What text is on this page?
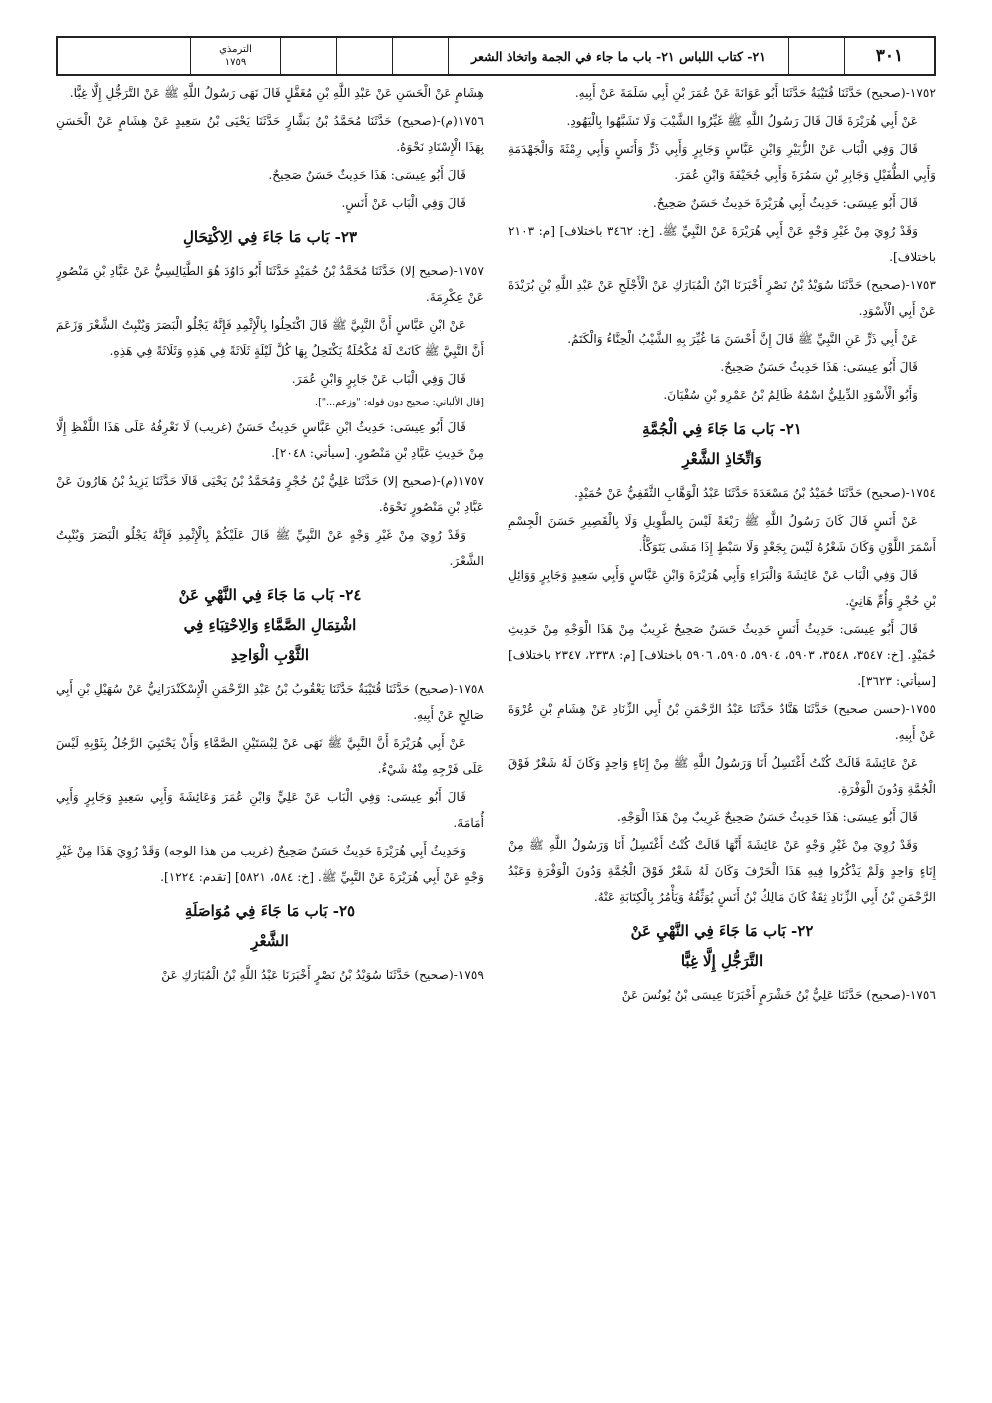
٣٠١
٢١- كتاب اللباس ٢١- باب ما جاء في الجمة واتخاذ الشعر
الترمذي
١٧٥٩

١٧٥٢-(صحيح) حَدَّثَنَا قُتَيْبَةُ حَدَّثَنَا أَبُو عَوَانَةَ عَنْ عُمَرَ بْنِ أَبِي سَلَمَةَ عَنْ أَبِيهِ.

عَنْ أَبِي هُرَيْرَةَ قَالَ قَالَ رَسُولُ اللَّهِ ﷺ غَيِّرُوا الشَّيْبَ وَلَا تَشَبَّهُوا بِالْيَهُودِ.

قَالَ وَفِي الْبَاب عَنْ الزُّبَيْرِ وَابْنِ عَبَّاسٍ وَجَابِرٍ وَأَبِي ذَرٍّ وَأَنَسٍ وَأَبِي رِمْثَةَ وَالْجَهْدَمَةِ وَأَبِي الطُّفَيْلِ وَجَابِرِ بْنِ سَمُرَةَ وَأَبِي جُحَيْفَةَ وَابْنِ عُمَرَ.

قَالَ أَبُو عِيسَى: حَدِيثُ أَبِي هُرَيْرَةَ حَدِيثٌ حَسَنٌ صَحِيحٌ.

وَقَدْ رُوِيَ مِنْ غَيْرِ وَجْهٍ عَنْ أَبِي هُرَيْرَةَ عَنْ النَّبِيِّ ﷺ. [خ: ٣٤٦٢ باختلاف] [م: ٢١٠٣ باختلاف].

١٧٥٣-(صحيح) حَدَّثَنَا سُوَيْدُ بْنُ نَصْرٍ أَخْبَرَنَا ابْنُ الْمُبَارَكِ عَنْ الْأَجْلَحِ عَنْ عَبْدِ اللَّهِ بْنِ بُرَيْدَةَ عَنْ أَبِي الْأَسْوَدِ.

عَنْ أَبِي ذَرٍّ عَنِ النَّبِيِّ ﷺ قَالَ إِنَّ أَحْسَنَ مَا غُيِّرَ بِهِ الشَّيْبُ الْحِنَّاءُ وَالْكَتَمُ.

قَالَ أَبُو عِيسَى: هَذَا حَدِيثٌ حَسَنٌ صَحِيحٌ.

وَأَبُو الْأَسْوَدِ الدِّيلِيُّ اسْمُهُ ظَالِمُ بْنُ عَمْرِو بْنِ سُفْيَانَ.

٢١- بَاب مَا جَاءَ فِي الْجُمَّةِ
وَاتِّخَاذِ الشَّعْرِ

١٧٥٤-(صحيح) حَدَّثَنَا حُمَيْدُ بْنُ مَسْعَدَةَ حَدَّثَنَا عَبْدُ الْوَهَّابِ الثَّقَفِيُّ عَنْ حُمَيْدٍ.

عَنْ أَنَسٍ قَالَ كَانَ رَسُولُ اللَّهِ ﷺ رَبْعَةً لَيْسَ بِالطَّوِيلِ وَلَا بِالْقَصِيرِ حَسَنَ الْجِسْمِ أَسْمَرَ اللَّوْنِ وَكَانَ شَعْرُهُ لَيْسَ بِجَعْدٍ وَلَا سَبْطٍ إِذَا مَشَى يَتَوَكَّأُ.

قَالَ وَفِي الْبَاب عَنْ عَائِشَةَ وَالْبَرَاءِ وَأَبِي هُرَيْرَةَ وَابْنِ عَبَّاسٍ وَأَبِي سَعِيدٍ وَجَابِرٍ وَوَائِلِ بْنِ حُجْرٍ وَأُمِّ هَانِئٍ.

قَالَ أَبُو عِيسَى: حَدِيثُ أَنَسٍ حَدِيثٌ حَسَنٌ صَحِيحٌ غَرِيبٌ مِنْ هَذَا الْوَجْهِ مِنْ حَدِيثِ حُمَيْدٍ. [خ: ٣٥٤٧، ٣٥٤٨، ٥٩٠٣، ٥٩٠٤، ٥٩٠٥، ٥٩٠٦ باختلاف] [م: ٢٣٣٨، ٢٣٤٧ باختلاف] [سيأتي: ٣٦٢٣].

١٧٥٥-(حسن صحيح) حَدَّثَنَا هَنَّادٌ حَدَّثَنَا عَبْدُ الرَّحْمَنِ بْنُ أَبِي الزِّنَادِ عَنْ هِشَامِ بْنِ عُرْوَةَ عَنْ أَبِيهِ.

عَنْ عَائِشَةَ قَالَتْ كُنْتُ أَغْتَسِلُ أَنَا وَرَسُولُ اللَّهِ ﷺ مِنْ إِنَاءٍ وَاحِدٍ وَكَانَ لَهُ شَعْرٌ فَوْقَ الْجُمَّةِ وَدُونَ الْوَفْرَةِ.

قَالَ أَبُو عِيسَى: هَذَا حَدِيثٌ حَسَنٌ صَحِيحٌ غَرِيبٌ مِنْ هَذَا الْوَجْهِ.

وَقَدْ رُوِيَ مِنْ غَيْرِ وَجْهٍ عَنْ عَائِشَةَ أَنَّهَا قَالَتْ كُنْتُ أَغْتَسِلُ أَنَا وَرَسُولُ اللَّهِ ﷺ مِنْ إِنَاءٍ وَاحِدٍ وَلَمْ يَذْكُرُوا فِيهِ هَذَا الْحَرْفَ وَكَانَ لَهُ شَعْرٌ فَوْقَ الْجُمَّةِ وَدُونَ الْوَفْرَةِ وَعَبْدُ الرَّحْمَنِ بْنُ أَبِي الزِّنَادِ ثِقَةٌ كَانَ مَالِكُ بْنُ أَنَسٍ يُوَثِّقُهُ وَيَأْمُرُ بِالْكِتَابَةِ عَنْهُ.

٢٢- بَاب مَا جَاءَ فِي النَّهْيِ عَنْ
التَّرَجُّلِ إِلَّا غِبًّا

١٧٥٦-(صحيح) حَدَّثَنَا عَلِيُّ بْنُ خَشْرَمٍ أَخْبَرَنَا عِيسَى بْنُ يُونُسَ عَنْ

هِشَامٍ عَنْ الْحَسَنِ عَنْ عَبْدِ اللَّهِ بْنِ مُغَفَّلٍ قَالَ نَهَى رَسُولُ اللَّهِ ﷺ عَنْ التَّرَجُّلِ إِلَّا غِبًّا.

١٧٥٦(م)-(صحيح) حَدَّثَنَا مُحَمَّدُ بْنُ بَشَّارٍ حَدَّثَنَا يَحْيَى بْنُ سَعِيدٍ عَنْ هِشَامٍ عَنْ الْحَسَنِ بِهَذَا الْإِسْنَادِ نَحْوَهُ.

قَالَ أَبُو عِيسَى: هَذَا حَدِيثٌ حَسَنٌ صَحِيحٌ.

قَالَ وَفِي الْبَاب عَنْ أَنَسٍ.

٢٣- بَاب مَا جَاءَ فِي الِاكْتِحَالِ

١٧٥٧-(صحيح إلا) حَدَّثَنَا مُحَمَّدُ بْنُ حُمَيْدٍ حَدَّثَنَا أَبُو دَاوُدَ هُوَ الطَّيَالِسِيُّ عَنْ عَبَّادِ بْنِ مَنْصُورٍ عَنْ عِكْرِمَةَ.

عَنْ ابْنِ عَبَّاسٍ أَنَّ النَّبِيَّ ﷺ قَالَ اكْتَحِلُوا بِالْإِثْمِدِ فَإِنَّهُ يَجْلُو الْبَصَرَ وَيُنْبِتُ الشَّعْرَ وَزَعَمَ أَنَّ النَّبِيَّ ﷺ كَانَتْ لَهُ مُكْحُلَةٌ يَكْتَحِلُ بِهَا كُلَّ لَيْلَةٍ ثَلَاثَةً فِي هَذِهِ وَثَلَاثَةً فِي هَذِهِ.

قَالَ وَفِي الْبَاب عَنْ جَابِرٍ وَابْنِ عُمَرَ.

[قال الألباني: صحيح دون قوله: "وزعم..."].

قَالَ أَبُو عِيسَى: حَدِيثُ ابْنِ عَبَّاسٍ حَدِيثٌ حَسَنٌ (غريب) لَا نَعْرِفُهُ عَلَى هَذَا اللَّفْظِ إِلَّا مِنْ حَدِيثِ عَبَّادِ بْنِ مَنْصُورٍ. [سيأتي: ٢٠٤٨].

١٧٥٧(م)-(صحيح إلا) حَدَّثَنَا عَلِيُّ بْنُ حُجْرٍ وَمُحَمَّدُ بْنُ يَحْيَى قَالَا حَدَّثَنَا يَزِيدُ بْنُ هَارُونَ عَنْ عَبَّادِ بْنِ مَنْصُورٍ نَحْوَهُ.

وَقَدْ رُوِيَ مِنْ غَيْرِ وَجْهٍ عَنْ النَّبِيِّ ﷺ قَالَ عَلَيْكُمْ بِالْإِثْمِدِ فَإِنَّهُ يَجْلُو الْبَصَرَ وَيُنْبِتُ الشَّعْرَ.

٢٤- بَاب مَا جَاءَ فِي النَّهْيِ عَنْ
اشْتِمَالِ الصَّمَّاءِ وَالِاحْتِبَاءِ فِي
الثَّوْبِ الْوَاحِدِ

١٧٥٨-(صحيح) حَدَّثَنَا قُتَيْبَةُ حَدَّثَنَا يَعْقُوبُ بْنُ عَبْدِ الرَّحْمَنِ الْإِسْكَنْدَرَانِيُّ عَنْ سُهَيْلِ بْنِ أَبِي صَالِحٍ عَنْ أَبِيهِ.

عَنْ أَبِي هُرَيْرَةَ أَنَّ النَّبِيَّ ﷺ نَهَى عَنْ لِبْسَتَيْنِ الصَّمَّاءِ وَأَنْ يَحْتَبِيَ الرَّجُلُ بِثَوْبِهِ لَيْسَ عَلَى فَرْجِهِ مِنْهُ شَيْءٌ.

قَالَ أَبُو عِيسَى: وَفِي الْبَاب عَنْ عَلِيٍّ وَابْنِ عُمَرَ وَعَائِشَةَ وَأَبِي سَعِيدٍ وَجَابِرٍ وَأَبِي أُمَامَةَ.

وَحَدِيثُ أَبِي هُرَيْرَةَ حَدِيثٌ حَسَنٌ صَحِيحٌ (غريب من هذا الوجه) وَقَدْ رُوِيَ هَذَا مِنْ غَيْرِ وَجْهٍ عَنْ أَبِي هُرَيْرَةَ عَنْ النَّبِيِّ ﷺ. [خ: ٥٨٤، ٥٨٢١] [تقدم: ١٢٢٤].

٢٥- بَاب مَا جَاءَ فِي مُوَاصَلَةِ
الشَّعْرِ

١٧٥٩-(صحيح) حَدَّثَنَا سُوَيْدُ بْنُ نَصْرٍ أَخْبَرَنَا عَبْدُ اللَّهِ بْنُ الْمُبَارَكِ عَنْ
